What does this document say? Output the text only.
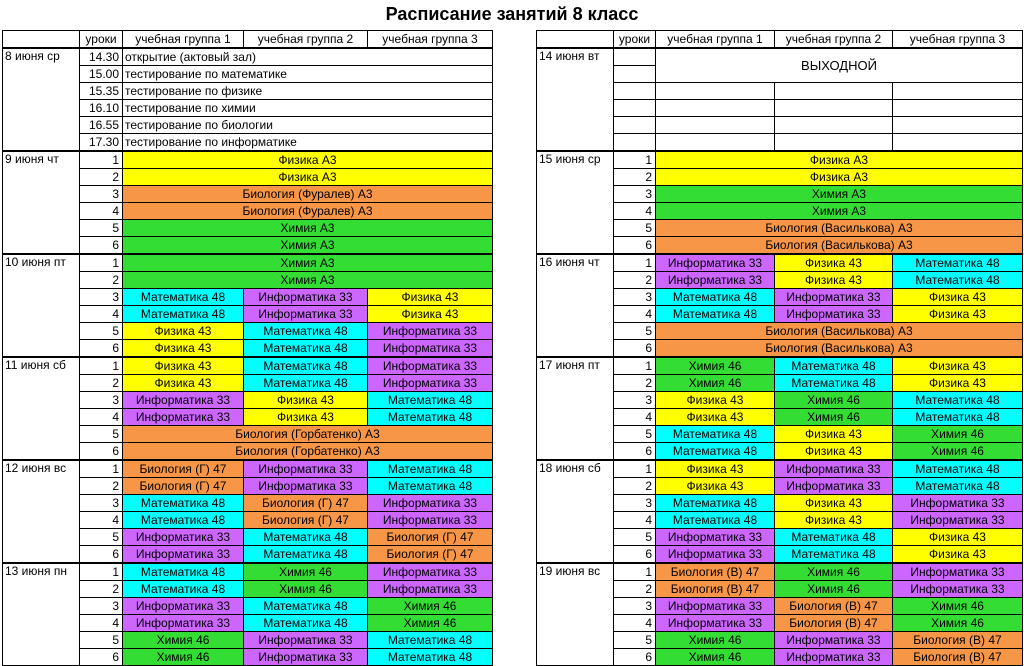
Расписание занятий 8 класс
	уроки	учебная группа 1	учебная группа 2	учебная группа 3
8 июня ср	14.30	открытие (актовый зал)		
	15.00	тестирование по математике		
	15.35	тестирование по физике		
	16.10	тестирование по химии		
	16.55	тестирование по биологии		
	17.30	тестирование по информатике		
9 июня чт	1	Физика А3		
	2	Физика А3		
	3	Биология (Фуралев) А3		
	4	Биология (Фуралев) А3		
	5	Химия А3		
	6	Химия А3		
10 июня пт	1	Химия А3		
	2	Химия А3		
	3	Математика 48	Информатика 33	Физика 43
	4	Математика 48	Информатика 33	Физика 43
	5	Физика 43	Математика 48	Информатика 33
	6	Физика 43	Математика 48	Информатика 33
11 июня сб	1	Физика 43	Математика 48	Информатика 33
	2	Физика 43	Математика 48	Информатика 33
	3	Информатика 33	Физика 43	Математика 48
	4	Информатика 33	Физика 43	Математика 48
	5	Биология (Горбатенко) А3		
	6	Биология (Горбатенко) А3		
12 июня вс	1	Биология (Г) 47	Информатика 33	Математика 48
	2	Биология (Г) 47	Информатика 33	Математика 48
	3	Математика 48	Биология (Г) 47	Информатика 33
	4	Математика 48	Биология (Г) 47	Информатика 33
	5	Информатика 33	Математика 48	Биология (Г) 47
	6	Информатика 33	Математика 48	Биология (Г) 47
13 июня пн	1	Математика 48	Химия 46	Информатика 33
	2	Математика 48	Химия 46	Информатика 33
	3	Информатика 33	Математика 48	Химия 46
	4	Информатика 33	Математика 48	Химия 46
	5	Химия 46	Информатика 33	Математика 48
	6	Химия 46	Информатика 33	Математика 48
	уроки	учебная группа 1	учебная группа 2	учебная группа 3
14 июня вт		ВЫХОДНОЙ		

15 июня ср	1	Физика А3		
	2	Физика А3		
	3	Химия А3		
	4	Химия А3		
	5	Биология (Василькова) А3		
	6	Биология (Василькова) А3		
16 июня чт	1	Информатика 33	Физика 43	Математика 48
	2	Информатика 33	Физика 43	Математика 48
	3	Математика 48	Информатика 33	Физика 43
	4	Математика 48	Информатика 33	Физика 43
	5	Биология (Василькова) А3		
	6	Биология (Василькова) А3		
17 июня пт	1	Химия 46	Математика 48	Физика 43
	2	Химия 46	Математика 48	Физика 43
	3	Физика 43	Химия 46	Математика 48
	4	Физика 43	Химия 46	Математика 48
	5	Математика 48	Физика 43	Химия 46
	6	Математика 48	Физика 43	Химия 46
18 июня сб	1	Физика 43	Информатика 33	Математика 48
	2	Физика 43	Информатика 33	Математика 48
	3	Математика 48	Физика 43	Информатика 33
	4	Математика 48	Физика 43	Информатика 33
	5	Информатика 33	Математика 48	Физика 43
	6	Информатика 33	Математика 48	Физика 43
19 июня вс	1	Биология (В) 47	Химия 46	Информатика 33
	2	Биология (В) 47	Химия 46	Информатика 33
	3	Информатика 33	Биология (В) 47	Химия 46
	4	Информатика 33	Биология (В) 47	Химия 46
	5	Химия 46	Информатика 33	Биология (В) 47
	6	Химия 46	Информатика 33	Биология (В) 47
